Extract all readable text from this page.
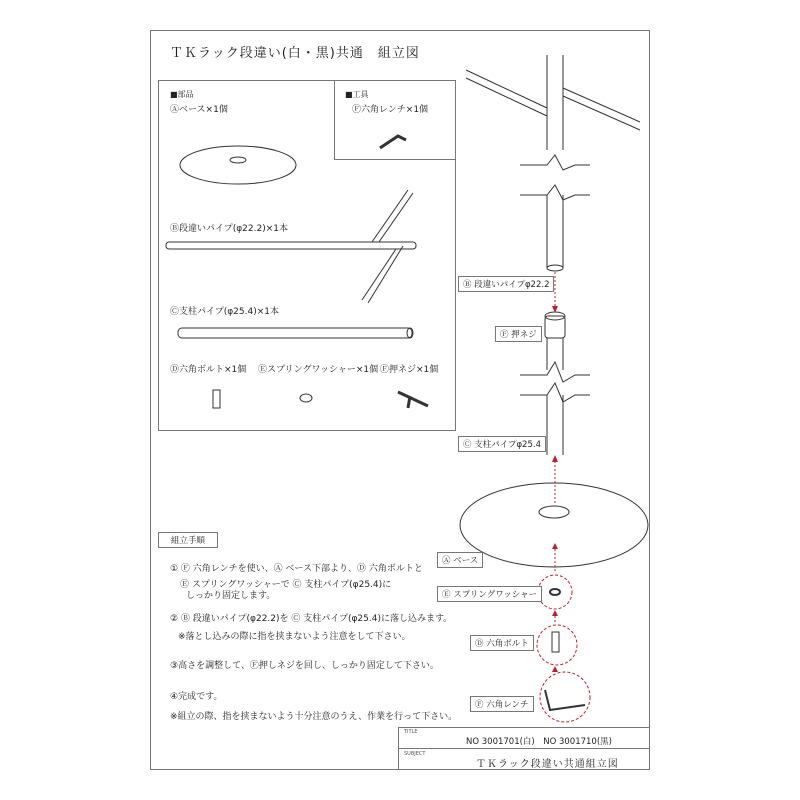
ＴＫラック段違い(白・黒)共通　組立図
■部品
Ⓐベース×1個
Ⓑ段違いパイプ(φ22.2)×1本
Ⓒ支柱パイプ(φ25.4)×1本
Ⓓ六角ボルト×1個 Ⓔスプリングワッシャー×1個 Ⓕ押ネジ×1個
■工具
Ⓕ六角レンチ×1個
Ⓑ 段違いパイプφ22.2
Ⓕ 押ネジ
Ⓒ 支柱パイプφ25.4
Ⓐ ベース
Ⓔ スプリングワッシャー
Ⓓ 六角ボルト
Ⓕ 六角レンチ
組立手順
① Ⓕ 六角レンチを使い、Ⓐ ベース下部より、Ⓓ 六角ボルトと
Ⓔ スプリングワッシャーで Ⓒ 支柱パイプ(φ25.4)に
しっかり固定します。
② Ⓑ 段違いパイプ(φ22.2)を Ⓒ 支柱パイプ(φ25.4)に落し込みます。
※落とし込みの際に指を挟まないよう注意をして下さい。
③高さを調整して、Ⓕ押しネジを回し、しっかり固定して下さい。
④完成です。
※組立の際、指を挟まないよう十分注意のうえ、作業を行って下さい。
TITLE
NO 3001701(白)　NO 3001710(黒)
SUBJECT
ＴＫラック段違い共通組立図
